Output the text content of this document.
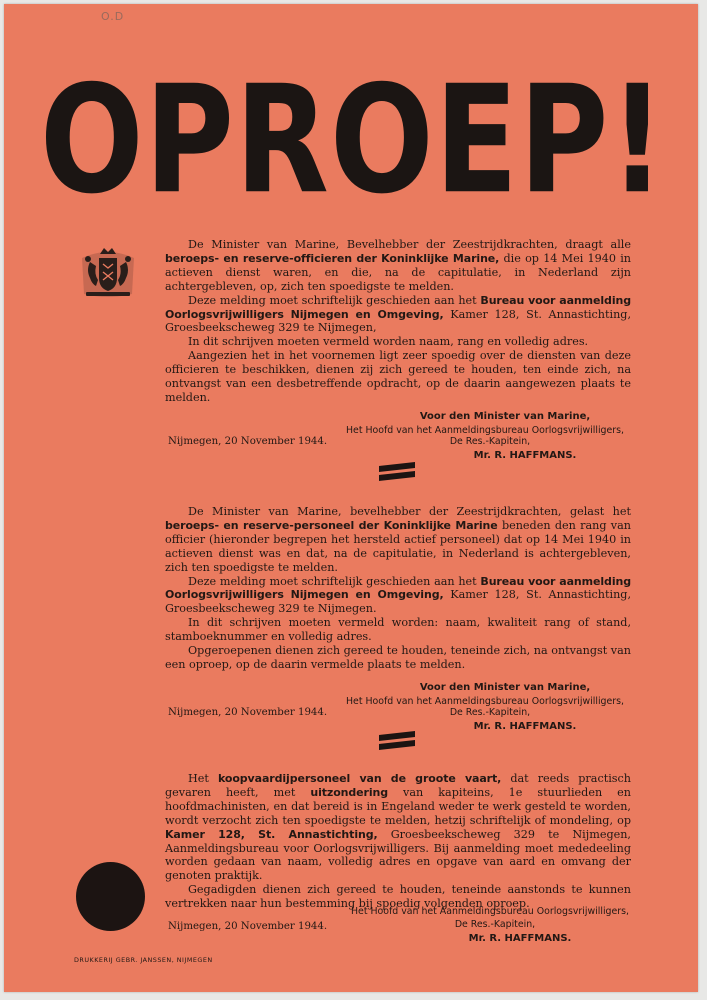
O.D
OPROEP!

De Minister van Marine, Bevelhebber der Zeestrijdkrachten, draagt alle beroeps- en reserve-officieren der Koninklijke Marine, die op 14 Mei 1940 in actieven dienst waren, en die, na de capitulatie, in Nederland zijn achtergebleven, op, zich ten spoedigste te melden.

Deze melding moet schriftelijk geschieden aan het Bureau voor aanmelding Oorlogsvrijwilligers Nijmegen en Omgeving, Kamer 128, St. Annastichting, Groesbeekscheweg 329 te Nijmegen,

In dit schrijven moeten vermeld worden naam, rang en volledig adres.

Aangezien het in het voornemen ligt zeer spoedig over de diensten van deze officieren te beschikken, dienen zij zich gereed te houden, ten einde zich, na ontvangst van een desbetreffende opdracht, op de daarin aangewezen plaats te melden.

Voor den Minister van Marine,
Het Hoofd van het Aanmeldingsbureau Oorlogsvrijwilligers,
De Res.-Kapitein,
Mr. R. HAFFMANS.
Nijmegen, 20 November 1944.

De Minister van Marine, bevelhebber der Zeestrijdkrachten, gelast het beroeps- en reserve-personeel der Koninklijke Marine beneden den rang van officier (hieronder begrepen het hersteld actief personeel) dat op 14 Mei 1940 in actieven dienst was en dat, na de capitulatie, in Nederland is achtergebleven, zich ten spoedigste te melden.

Deze melding moet schriftelijk geschieden aan het Bureau voor aanmelding Oorlogsvrijwilligers Nijmegen en Omgeving, Kamer 128, St. Annastichting, Groesbeekscheweg 329 te Nijmegen.

In dit schrijven moeten vermeld worden: naam, kwaliteit rang of stand, stamboeknummer en volledig adres.

Opgeroepenen dienen zich gereed te houden, teneinde zich, na ontvangst van een oproep, op de daarin vermelde plaats te melden.

Voor den Minister van Marine,
Het Hoofd van het Aanmeldingsbureau Oorlogsvrijwilligers,
De Res.-Kapitein,
Mr. R. HAFFMANS.
Nijmegen, 20 November 1944.

Het koopvaardijpersoneel van de groote vaart, dat reeds practisch gevaren heeft, met uitzondering van kapiteins, 1e stuurlieden en hoofdmachinisten, en dat bereid is in Engeland weder te werk gesteld te worden, wordt verzocht zich ten spoedigste te melden, hetzij schriftelijk of mondeling, op Kamer 128, St. Annastichting, Groesbeekscheweg 329 te Nijmegen, Aanmeldingsbureau voor Oorlogsvrijwilligers. Bij aanmelding moet mededeeling worden gedaan van naam, volledig adres en opgave van aard en omvang der genoten praktijk.

Gegadigden dienen zich gereed te houden, teneinde aanstonds te kunnen vertrekken naar hun bestemming bij spoedig volgenden oproep.

Het Hoofd van het Aanmeldingsbureau Oorlogsvrijwilligers,
De Res.-Kapitein,
Mr. R. HAFFMANS.
Nijmegen, 20 November 1944.
DRUKKERIJ GEBR. JANSSEN, NIJMEGEN
